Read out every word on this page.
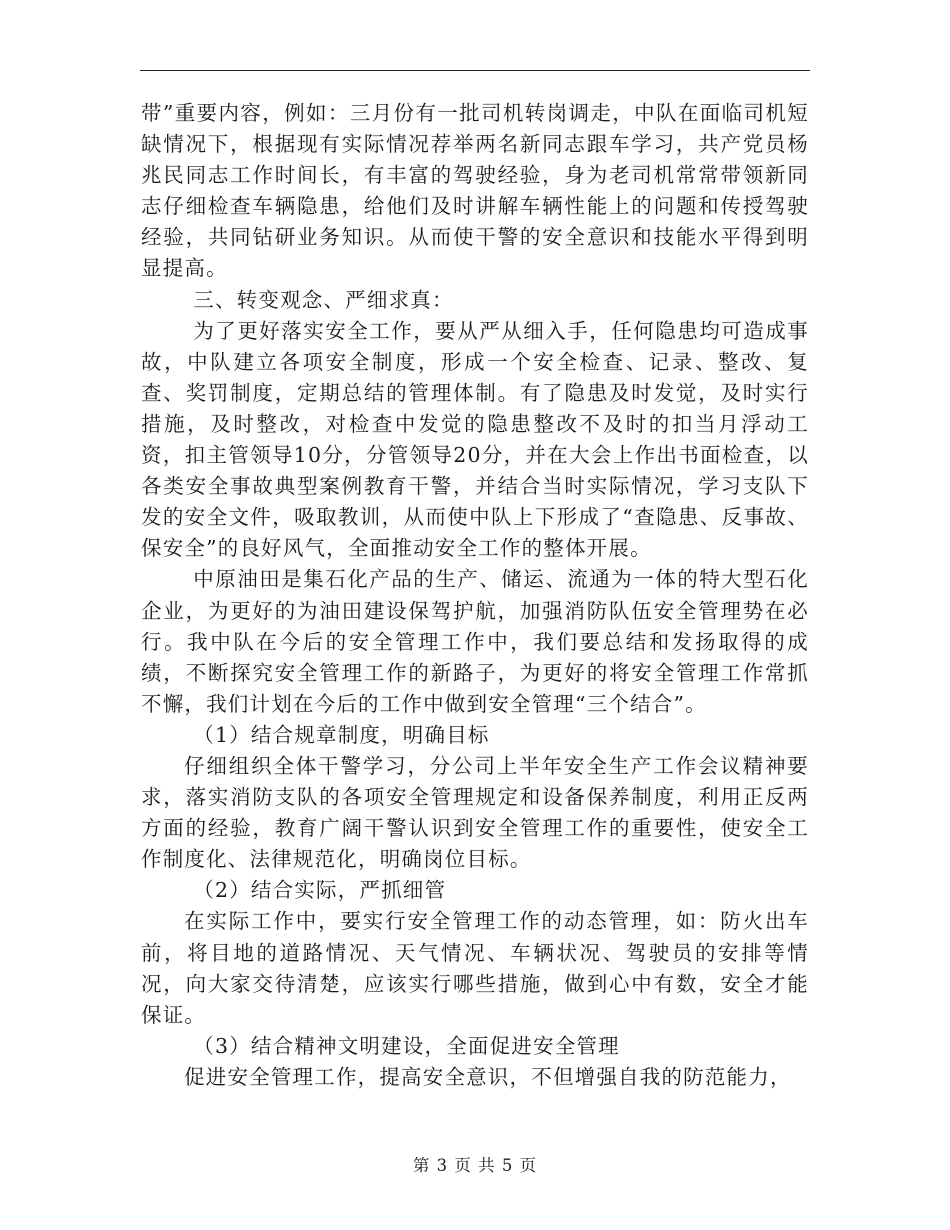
带”重要内容，例如：三月份有一批司机转岗调走，中队在面临司机短缺情况下，根据现有实际情况荐举两名新同志跟车学习，共产党员杨兆民同志工作时间长，有丰富的驾驶经验，身为老司机常常带领新同志仔细检查车辆隐患，给他们及时讲解车辆性能上的问题和传授驾驶经验，共同钻研业务知识。从而使干警的安全意识和技能水平得到明显提高。

三、转变观念、严细求真：

为了更好落实安全工作，要从严从细入手，任何隐患均可造成事故，中队建立各项安全制度，形成一个安全检查、记录、整改、复查、奖罚制度，定期总结的管理体制。有了隐患及时发觉，及时实行措施，及时整改，对检查中发觉的隐患整改不及时的扣当月浮动工资，扣主管领导10分，分管领导20分，并在大会上作出书面检查，以各类安全事故典型案例教育干警，并结合当时实际情况，学习支队下发的安全文件，吸取教训，从而使中队上下形成了“查隐患、反事故、保安全”的良好风气，全面推动安全工作的整体开展。

中原油田是集石化产品的生产、储运、流通为一体的特大型石化企业，为更好的为油田建设保驾护航，加强消防队伍安全管理势在必行。我中队在今后的安全管理工作中，我们要总结和发扬取得的成绩，不断探究安全管理工作的新路子，为更好的将安全管理工作常抓不懈，我们计划在今后的工作中做到安全管理“三个结合”。

（1）结合规章制度，明确目标

仔细组织全体干警学习，分公司上半年安全生产工作会议精神要求，落实消防支队的各项安全管理规定和设备保养制度，利用正反两方面的经验，教育广阔干警认识到安全管理工作的重要性，使安全工作制度化、法律规范化，明确岗位目标。

（2）结合实际，严抓细管

在实际工作中，要实行安全管理工作的动态管理，如：防火出车前，将目地的道路情况、天气情况、车辆状况、驾驶员的安排等情况，向大家交待清楚，应该实行哪些措施，做到心中有数，安全才能保证。

（3）结合精神文明建设，全面促进安全管理

促进安全管理工作，提高安全意识，不但增强自我的防范能力，

第 3 页 共 5 页
